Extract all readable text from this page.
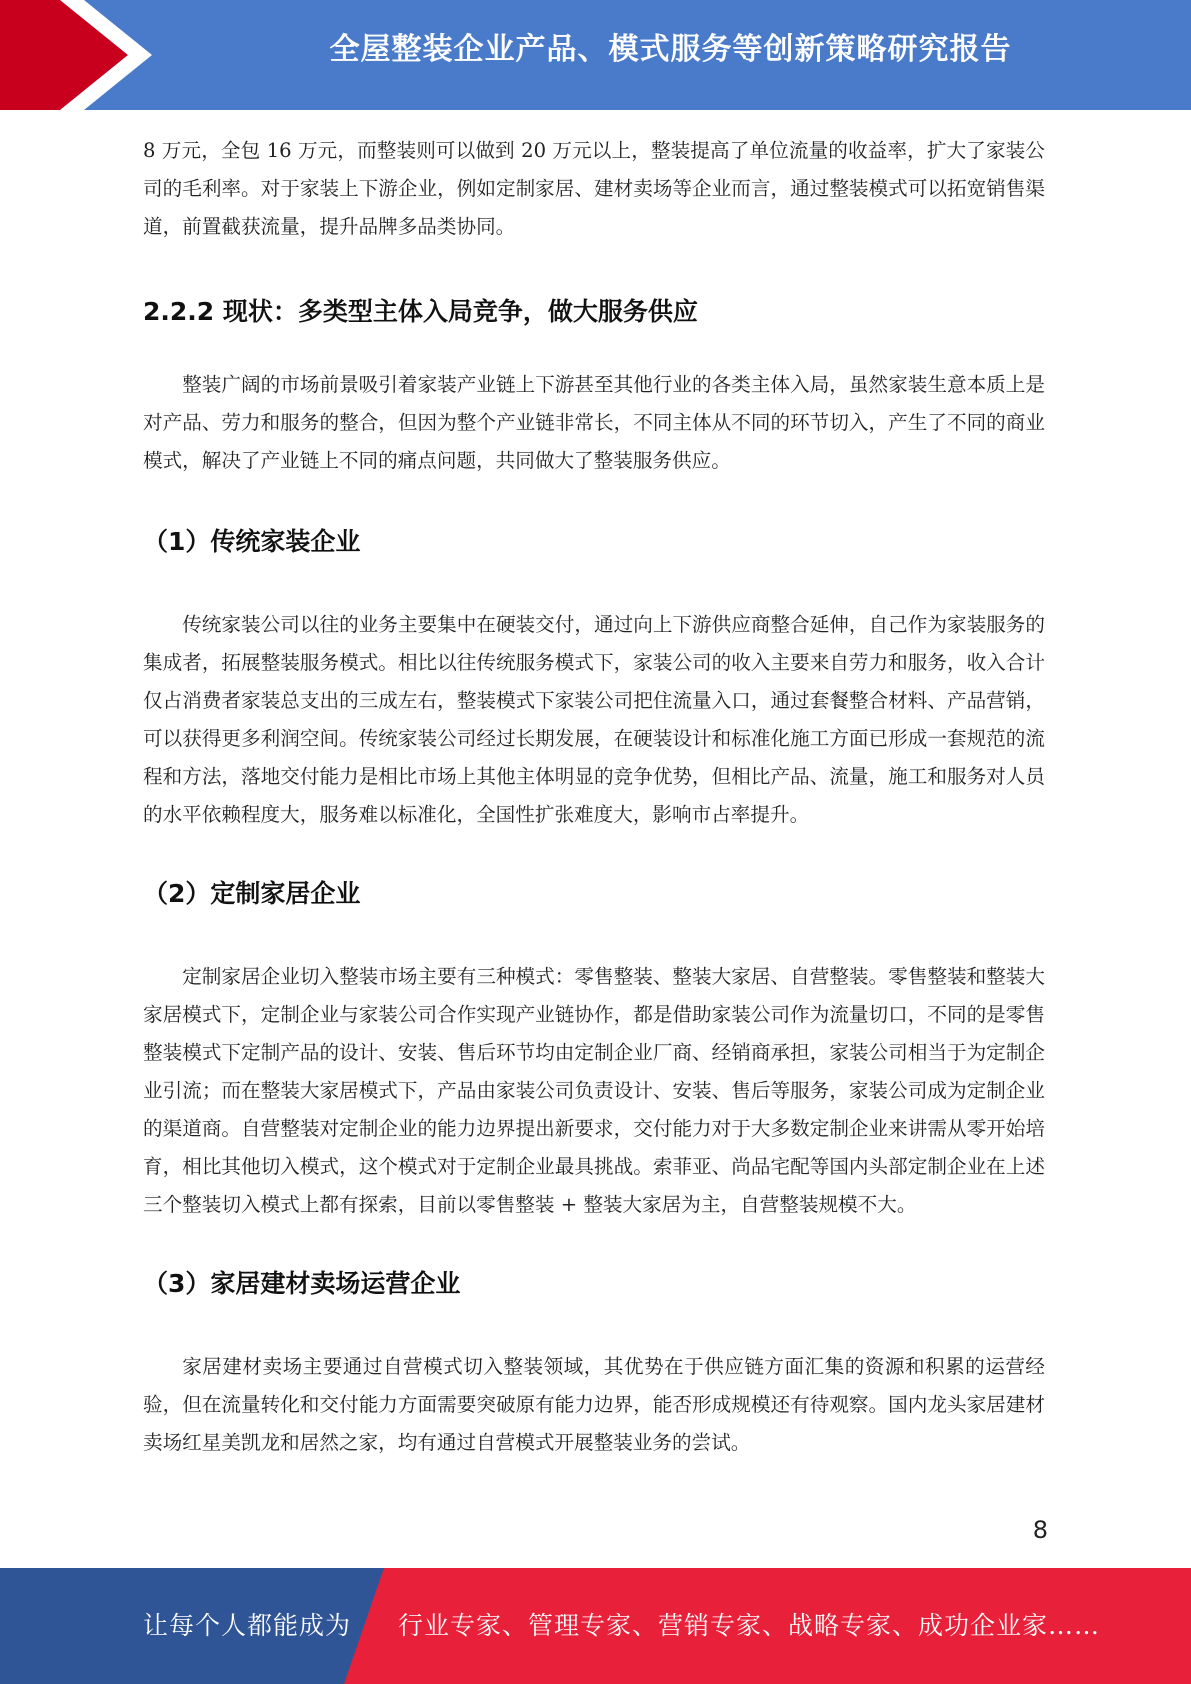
全屋整装企业产品、模式服务等创新策略研究报告

8 万元，全包 16 万元，而整装则可以做到 20 万元以上，整装提高了单位流量的收益率，扩大了家装公司的毛利率。对于家装上下游企业，例如定制家居、建材卖场等企业而言，通过整装模式可以拓宽销售渠道，前置截获流量，提升品牌多品类协同。

2.2.2 现状：多类型主体入局竞争，做大服务供应

整装广阔的市场前景吸引着家装产业链上下游甚至其他行业的各类主体入局，虽然家装生意本质上是对产品、劳力和服务的整合，但因为整个产业链非常长，不同主体从不同的环节切入，产生了不同的商业模式，解决了产业链上不同的痛点问题，共同做大了整装服务供应。

（1）传统家装企业

传统家装公司以往的业务主要集中在硬装交付，通过向上下游供应商整合延伸，自己作为家装服务的集成者，拓展整装服务模式。相比以往传统服务模式下，家装公司的收入主要来自劳力和服务，收入合计仅占消费者家装总支出的三成左右，整装模式下家装公司把住流量入口，通过套餐整合材料、产品营销，可以获得更多利润空间。传统家装公司经过长期发展，在硬装设计和标准化施工方面已形成一套规范的流程和方法，落地交付能力是相比市场上其他主体明显的竞争优势，但相比产品、流量，施工和服务对人员的水平依赖程度大，服务难以标准化，全国性扩张难度大，影响市占率提升。

（2）定制家居企业

定制家居企业切入整装市场主要有三种模式：零售整装、整装大家居、自营整装。零售整装和整装大家居模式下，定制企业与家装公司合作实现产业链协作，都是借助家装公司作为流量切口，不同的是零售整装模式下定制产品的设计、安装、售后环节均由定制企业厂商、经销商承担，家装公司相当于为定制企业引流；而在整装大家居模式下，产品由家装公司负责设计、安装、售后等服务，家装公司成为定制企业的渠道商。自营整装对定制企业的能力边界提出新要求，交付能力对于大多数定制企业来讲需从零开始培育，相比其他切入模式，这个模式对于定制企业最具挑战。索菲亚、尚品宅配等国内头部定制企业在上述三个整装切入模式上都有探索，目前以零售整装 + 整装大家居为主，自营整装规模不大。

（3）家居建材卖场运营企业

家居建材卖场主要通过自营模式切入整装领域，其优势在于供应链方面汇集的资源和积累的运营经验，但在流量转化和交付能力方面需要突破原有能力边界，能否形成规模还有待观察。国内龙头家居建材卖场红星美凯龙和居然之家，均有通过自营模式开展整装业务的尝试。

8
让每个人都能成为 行业专家、管理专家、营销专家、战略专家、成功企业家……
